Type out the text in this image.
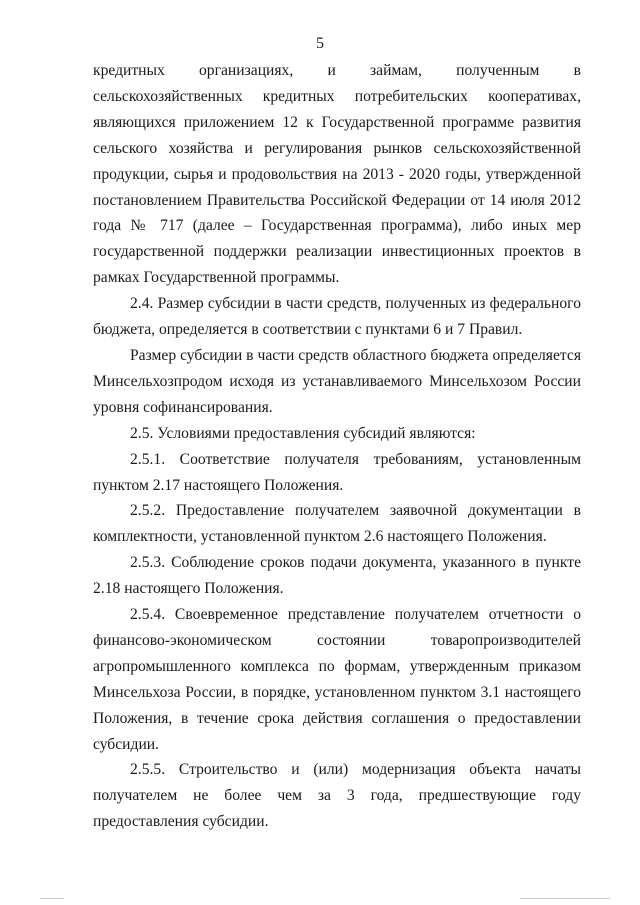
5

кредитных организациях, и займам, полученным в сельскохозяйственных кредитных потребительских кооперативах, являющихся приложением 12 к Государственной программе развития сельского хозяйства и регулирования рынков сельскохозяйственной продукции, сырья и продовольствия на 2013 - 2020 годы, утвержденной постановлением Правительства Российской Федерации от 14 июля 2012 года № 717 (далее – Государственная программа), либо иных мер государственной поддержки реализации инвестиционных проектов в рамках Государственной программы.

2.4. Размер субсидии в части средств, полученных из федерального бюджета, определяется в соответствии с пунктами 6 и 7 Правил.

Размер субсидии в части средств областного бюджета определяется Минсельхозпродом исходя из устанавливаемого Минсельхозом России уровня софинансирования.

2.5. Условиями предоставления субсидий являются:

2.5.1. Соответствие получателя требованиям, установленным пунктом 2.17 настоящего Положения.

2.5.2. Предоставление получателем заявочной документации в комплектности, установленной пунктом 2.6 настоящего Положения.

2.5.3. Соблюдение сроков подачи документа, указанного в пункте 2.18 настоящего Положения.

2.5.4. Своевременное представление получателем отчетности о финансово-экономическом состоянии товаропроизводителей агропромышленного комплекса по формам, утвержденным приказом Минсельхоза России, в порядке, установленном пунктом 3.1 настоящего Положения, в течение срока действия соглашения о предоставлении субсидии.

2.5.5. Строительство и (или) модернизация объекта начаты получателем не более чем за 3 года, предшествующие году предоставления субсидии.
